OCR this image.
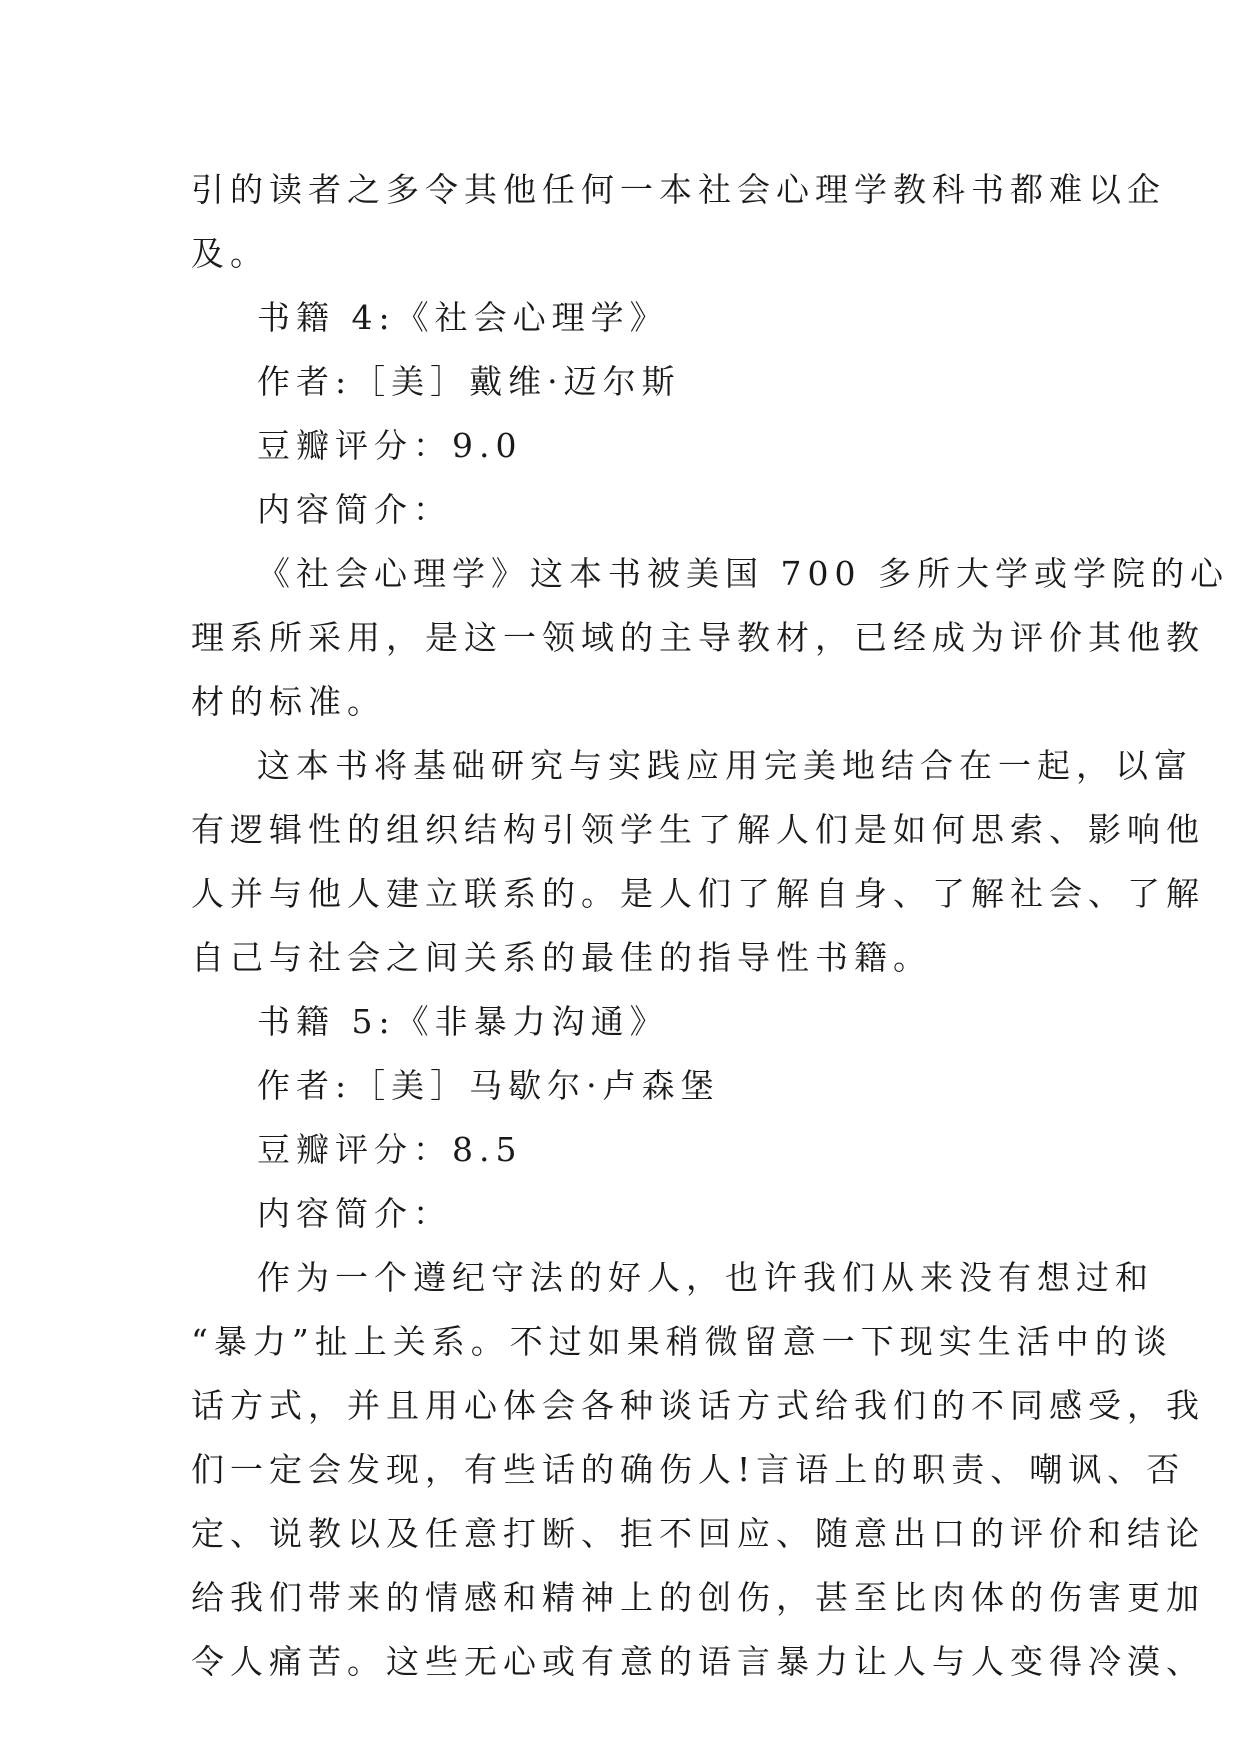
引的读者之多令其他任何一本社会心理学教科书都难以企
及。
书籍 4:《社会心理学》
作者:［美］戴维·迈尔斯
豆瓣评分：9.0
内容简介：
《社会心理学》这本书被美国 700 多所大学或学院的心
理系所采用，是这一领域的主导教材，已经成为评价其他教
材的标准。
这本书将基础研究与实践应用完美地结合在一起，以富
有逻辑性的组织结构引领学生了解人们是如何思索、影响他
人并与他人建立联系的。是人们了解自身、了解社会、了解
自己与社会之间关系的最佳的指导性书籍。
书籍 5:《非暴力沟通》
作者:［美］马歇尔·卢森堡
豆瓣评分：8.5
内容简介：
作为一个遵纪守法的好人，也许我们从来没有想过和
“暴力”扯上关系。不过如果稍微留意一下现实生活中的谈
话方式，并且用心体会各种谈话方式给我们的不同感受，我
们一定会发现，有些话的确伤人!言语上的职责、嘲讽、否
定、说教以及任意打断、拒不回应、随意出口的评价和结论
给我们带来的情感和精神上的创伤，甚至比肉体的伤害更加
令人痛苦。这些无心或有意的语言暴力让人与人变得冷漠、
